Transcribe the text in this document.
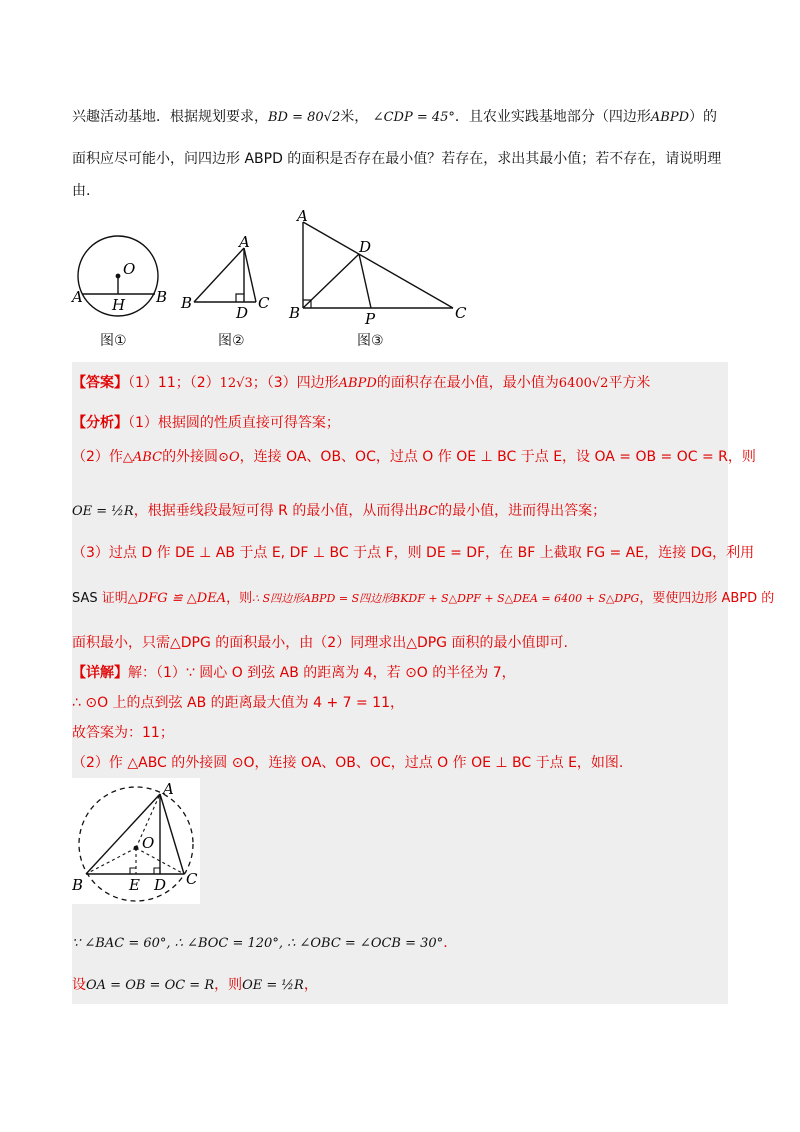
兴趣活动基地．根据规划要求，BD = 80√2米， ∠CDP = 45°．且农业实践基地部分（四边形ABPD）的
面积应尽可能小，问四边形 ABPD 的面积是否存在最小值？若存在，求出其最小值；若不存在，请说明理
由.
O
A	B
H
图①
A
B	C
D
图②
A
D
B	P	C
图③
【答案】（1）11；（2）12√3；（3）四边形ABPD的面积存在最小值，最小值为6400√2平方米
【分析】（1）根据圆的性质直接可得答案；
（2）作△ABC的外接圆⊙O，连接 OA、OB、OC，过点 O 作 OE ⊥ BC 于点 E，设 OA = OB = OC = R，则
OE = ½R，根据垂线段最短可得 R 的最小值，从而得出BC的最小值，进而得出答案；
（3）过点 D 作 DE ⊥ AB 于点 E, DF ⊥ BC 于点 F，则 DE = DF，在 BF 上截取 FG = AE，连接 DG，利用
SAS 证明△DFG ≌ △DEA，则∴ S四边形ABPD = S四边形BKDF + S△DPF + S△DEA = 6400 + S△DPG，要使四边形 ABPD 的
面积最小，只需△DPG 的面积最小，由（2）同理求出△DPG 面积的最小值即可.
【详解】解：（1）∵ 圆心 O 到弦 AB 的距离为 4，若 ⊙O 的半径为 7，
∴ ⊙O 上的点到弦 AB 的距离最大值为 4 + 7 = 11，
故答案为：11；
（2）作 △ABC 的外接圆 ⊙O，连接 OA、OB、OC，过点 O 作 OE ⊥ BC 于点 E，如图.
A
O
B	E D C
∵ ∠BAC = 60°, ∴ ∠BOC = 120°, ∴ ∠OBC = ∠OCB = 30°.
设OA = OB = OC = R，则OE = ½R，
